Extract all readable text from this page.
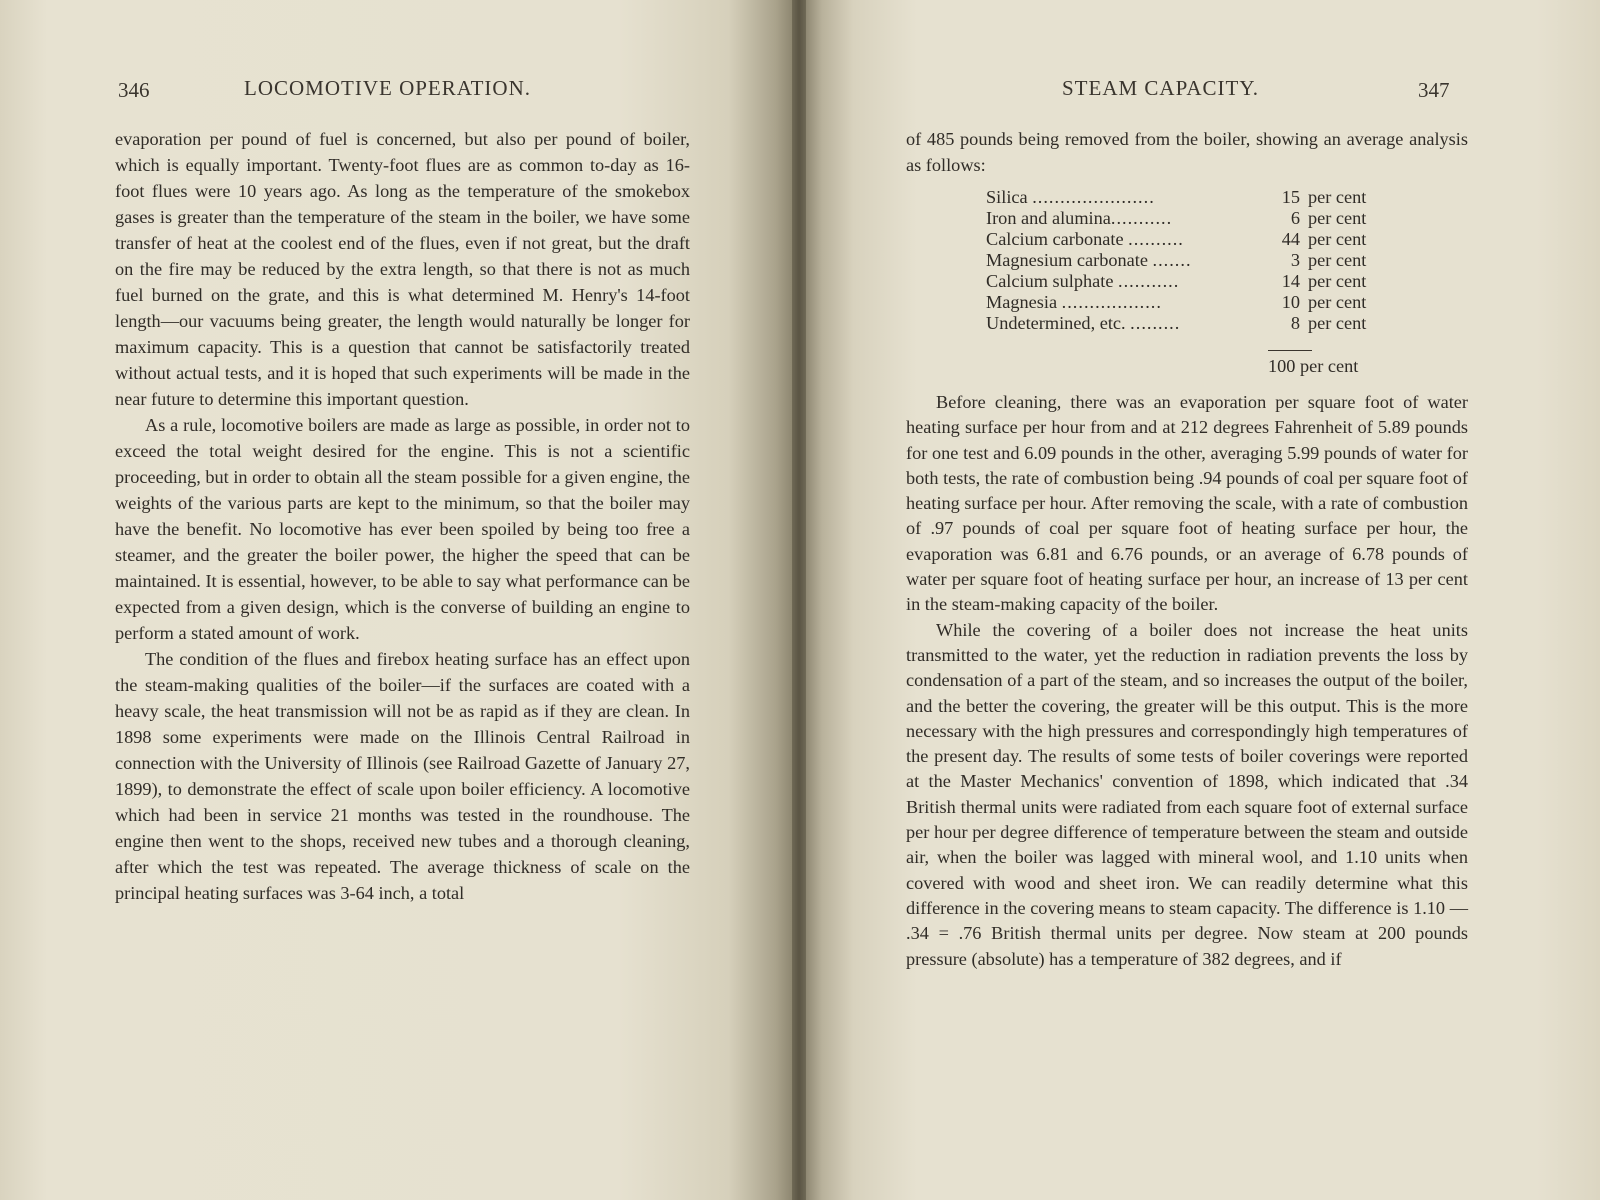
346	LOCOMOTIVE OPERATION.

evaporation per pound of fuel is concerned, but also per pound of boiler, which is equally important. Twenty-foot flues are as common to-day as 16-foot flues were 10 years ago. As long as the temperature of the smokebox gases is greater than the temperature of the steam in the boiler, we have some transfer of heat at the coolest end of the flues, even if not great, but the draft on the fire may be reduced by the extra length, so that there is not as much fuel burned on the grate, and this is what determined M. Henry's 14-foot length—our vacuums being greater, the length would naturally be longer for maximum capacity. This is a question that cannot be satisfactorily treated without actual tests, and it is hoped that such experiments will be made in the near future to determine this important question.

As a rule, locomotive boilers are made as large as possible, in order not to exceed the total weight desired for the engine. This is not a scientific proceeding, but in order to obtain all the steam possible for a given engine, the weights of the various parts are kept to the minimum, so that the boiler may have the benefit. No locomotive has ever been spoiled by being too free a steamer, and the greater the boiler power, the higher the speed that can be maintained. It is essential, however, to be able to say what performance can be expected from a given design, which is the converse of building an engine to perform a stated amount of work.

The condition of the flues and firebox heating surface has an effect upon the steam-making qualities of the boiler—if the surfaces are coated with a heavy scale, the heat transmission will not be as rapid as if they are clean. In 1898 some experiments were made on the Illinois Central Railroad in connection with the University of Illinois (see Railroad Gazette of January 27, 1899), to demonstrate the effect of scale upon boiler efficiency. A locomotive which had been in service 21 months was tested in the roundhouse. The engine then went to the shops, received new tubes and a thorough cleaning, after which the test was repeated. The average thickness of scale on the principal heating surfaces was 3-64 inch, a total

STEAM CAPACITY.	347

of 485 pounds being removed from the boiler, showing an average analysis as follows:

Silica ......................	15	per cent
Iron and alumina...........	6	per cent
Calcium carbonate ..........	44	per cent
Magnesium carbonate .......	3	per cent
Calcium sulphate ...........	14	per cent
Magnesia ..................	10	per cent
Undetermined, etc. .........	8	per cent
100 per cent

Before cleaning, there was an evaporation per square foot of water heating surface per hour from and at 212 degrees Fahrenheit of 5.89 pounds for one test and 6.09 pounds in the other, averaging 5.99 pounds of water for both tests, the rate of combustion being .94 pounds of coal per square foot of heating surface per hour. After removing the scale, with a rate of combustion of .97 pounds of coal per square foot of heating surface per hour, the evaporation was 6.81 and 6.76 pounds, or an average of 6.78 pounds of water per square foot of heating surface per hour, an increase of 13 per cent in the steam-making capacity of the boiler.

While the covering of a boiler does not increase the heat units transmitted to the water, yet the reduction in radiation prevents the loss by condensation of a part of the steam, and so increases the output of the boiler, and the better the covering, the greater will be this output. This is the more necessary with the high pressures and correspondingly high temperatures of the present day. The results of some tests of boiler coverings were reported at the Master Mechanics' convention of 1898, which indicated that .34 British thermal units were radiated from each square foot of external surface per hour per degree difference of temperature between the steam and outside air, when the boiler was lagged with mineral wool, and 1.10 units when covered with wood and sheet iron. We can readily determine what this difference in the covering means to steam capacity. The difference is 1.10 — .34 = .76 British thermal units per degree. Now steam at 200 pounds pressure (absolute) has a temperature of 382 degrees, and if
